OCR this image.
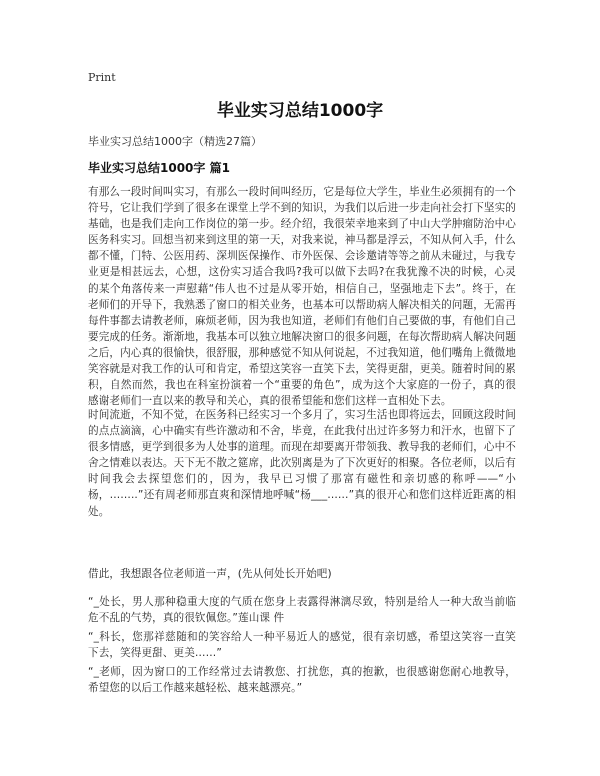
Print
毕业实习总结1000字
毕业实习总结1000字（精选27篇）
毕业实习总结1000字 篇1

有那么一段时间叫实习，有那么一段时间叫经历，它是每位大学生，毕业生必须拥有的一个符号，它让我们学到了很多在课堂上学不到的知识，为我们以后进一步走向社会打下坚实的基础，也是我们走向工作岗位的第一步。经介绍，我很荣幸地来到了中山大学肿瘤防治中心医务科实习。回想当初来到这里的第一天，对我来说，神马都是浮云，不知从何入手，什么都不懂，门特、公医用药、深圳医保操作、市外医保、会诊邀请等等之前从未碰过，与我专业更是相甚远去，心想，这份实习适合我吗?我可以做下去吗?在我犹豫不决的时候，心灵的某个角落传来一声慰藉“伟人也不过是从零开始，相信自己，坚强地走下去”。终于，在老师们的开导下，我熟悉了窗口的相关业务，也基本可以帮助病人解决相关的问题，无需再每件事都去请教老师，麻烦老师，因为我也知道，老师们有他们自己要做的事，有他们自己要完成的任务。渐渐地，我基本可以独立地解决窗口的很多问题，在每次帮助病人解决问题之后，内心真的很愉快，很舒服，那种感觉不知从何说起，不过我知道，他们嘴角上微微地笑容就是对我工作的认可和肯定，希望这笑容一直笑下去，笑得更甜，更美。随着时间的累积，自然而然，我也在科室扮演着一个“重要的角色”，成为这个大家庭的一份子，真的很感谢老师们一直以来的教导和关心，真的很希望能和您们这样一直相处下去。

时间流逝，不知不觉，在医务科已经实习一个多月了，实习生活也即将远去，回顾这段时间的点点滴滴，心中确实有些许激动和不舍，毕竟，在此我付出过许多努力和汗水，也留下了很多情感，更学到很多为人处事的道理。而现在却要离开带领我、教导我的老师们，心中不舍之情难以表达。天下无不散之筵席，此次别离是为了下次更好的相聚。各位老师，以后有时间我会去探望您们的，因为，我早已习惯了那富有磁性和亲切感的称呼——“小杨，……..”还有周老师那直爽和深情地呼喊“杨___……”真的很开心和您们这样近距离的相处。

借此，我想跟各位老师道一声，(先从何处长开始吧)

“_处长，男人那种稳重大度的气质在您身上表露得淋漓尽致，特别是给人一种大敌当前临危不乱的气势，真的很钦佩您。”莲山课 件

“_科长，您那祥慈随和的笑容给人一种平易近人的感觉，很有亲切感，希望这笑容一直笑下去，笑得更甜、更美……”

“_老师，因为窗口的工作经常过去请教您、打扰您，真的抱歉，也很感谢您耐心地教导，希望您的以后工作越来越轻松、越来越漂亮。”
